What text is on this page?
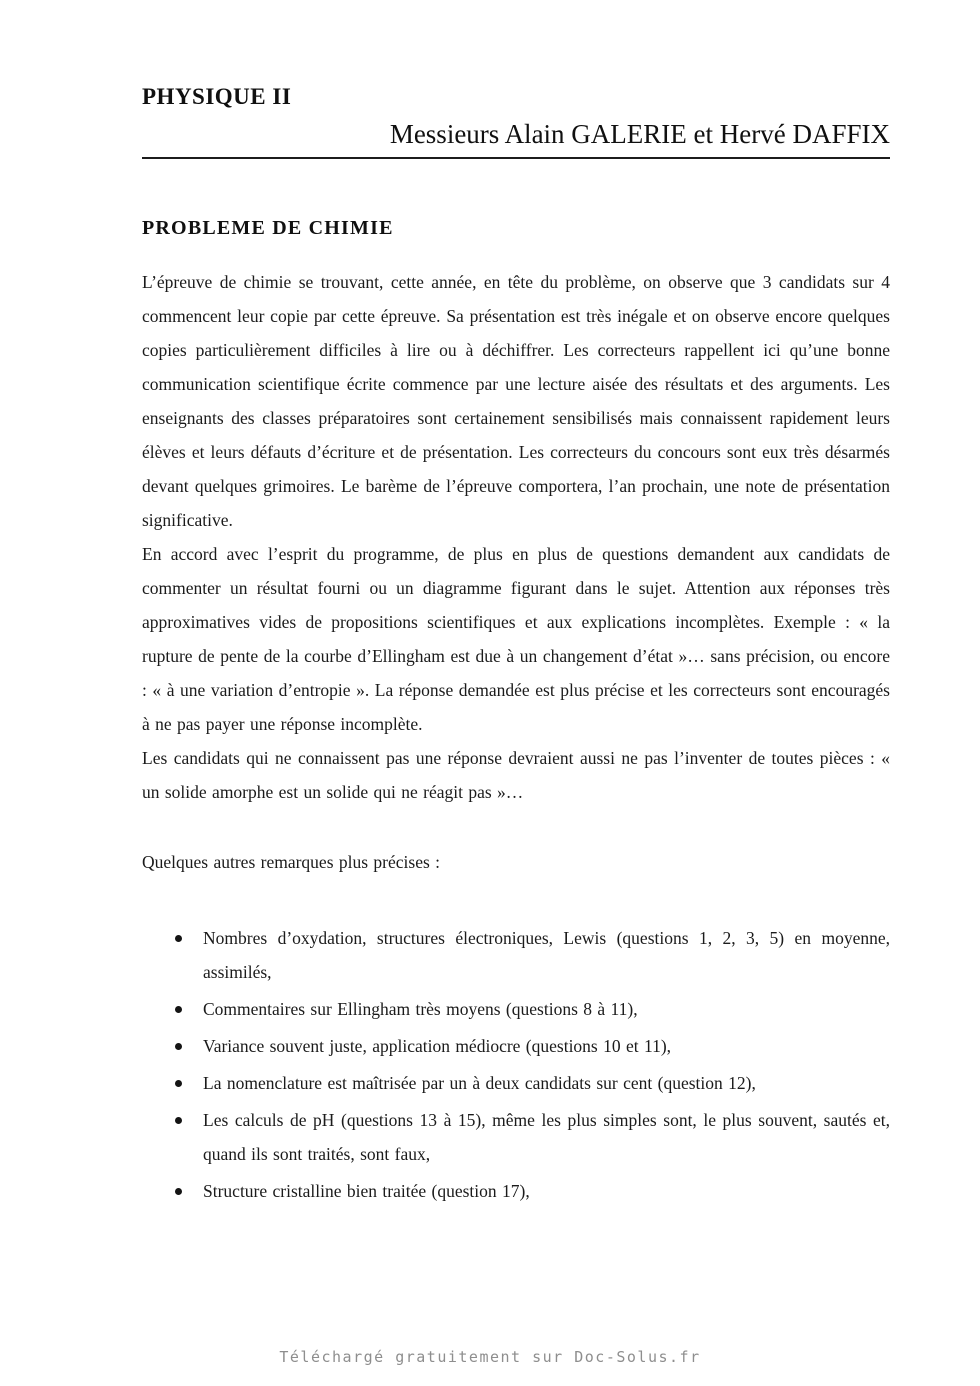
PHYSIQUE II
Messieurs Alain GALERIE et Hervé DAFFIX
PROBLEME DE CHIMIE

L’épreuve de chimie se trouvant, cette année, en tête du problème, on observe que 3 candidats sur 4 commencent leur copie par cette épreuve. Sa présentation est très inégale et on observe encore quelques copies particulièrement difficiles à lire ou à déchiffrer. Les correcteurs rappellent ici qu’une bonne communication scientifique écrite commence par une lecture aisée des résultats et des arguments. Les enseignants des classes préparatoires sont certainement sensibilisés mais connaissent rapidement leurs élèves et leurs défauts d’écriture et de présentation. Les correcteurs du concours sont eux très désarmés devant quelques grimoires. Le barème de l’épreuve comportera, l’an prochain, une note de présentation significative.

En accord avec l’esprit du programme, de plus en plus de questions demandent aux candidats de commenter un résultat fourni ou un diagramme figurant dans le sujet. Attention aux réponses très approximatives vides de propositions scientifiques et aux explications incomplètes. Exemple : « la rupture de pente de la courbe d’Ellingham est due à un changement d’état »… sans précision, ou encore : « à une variation d’entropie ». La réponse demandée est plus précise et les correcteurs sont encouragés à ne pas payer une réponse incomplète.

Les candidats qui ne connaissent pas une réponse devraient aussi ne pas l’inventer de toutes pièces : « un solide amorphe est un solide qui ne réagit pas »…

Quelques autres remarques plus précises :

Nombres d’oxydation, structures électroniques, Lewis (questions 1, 2, 3, 5) en moyenne, assimilés,
Commentaires sur Ellingham très moyens (questions 8 à 11),
Variance souvent juste, application médiocre (questions 10 et 11),
La nomenclature est maîtrisée par un à deux candidats sur cent (question 12),
Les calculs de pH (questions 13 à 15), même les plus simples sont, le plus souvent, sautés et, quand ils sont traités, sont faux,
Structure cristalline bien traitée (question 17),
Téléchargé gratuitement sur Doc-Solus.fr
